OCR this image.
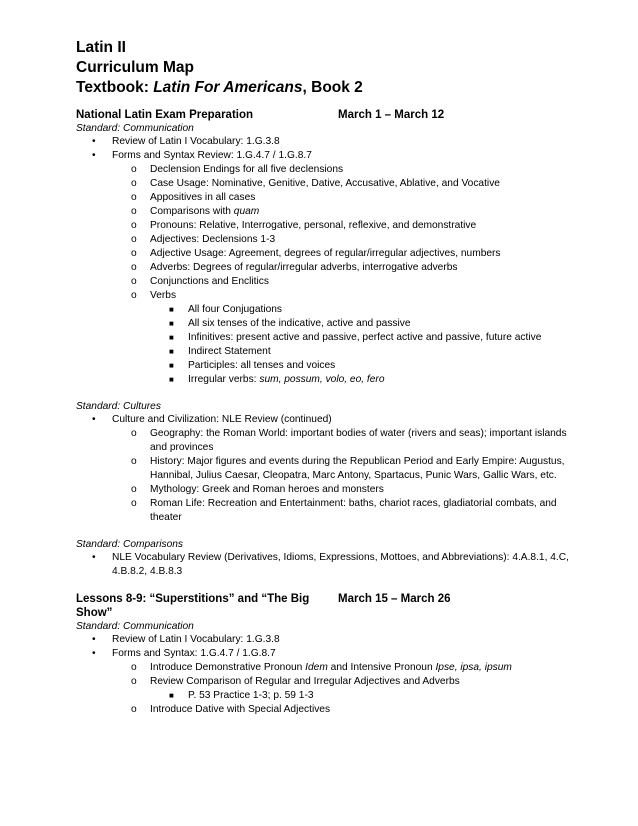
Latin II

Curriculum Map

Textbook: Latin For Americans, Book 2

National Latin Exam Preparation	March 1 – March 12
Standard: Communication
• Review of Latin I Vocabulary: 1.G.3.8
• Forms and Syntax Review: 1.G.4.7 / 1.G.8.7
o Declension Endings for all five declensions
o Case Usage: Nominative, Genitive, Dative, Accusative, Ablative, and Vocative
o Appositives in all cases
o Comparisons with quam
o Pronouns: Relative, Interrogative, personal, reflexive, and demonstrative
o Adjectives: Declensions 1-3
o Adjective Usage: Agreement, degrees of regular/irregular adjectives, numbers
o Adverbs: Degrees of regular/irregular adverbs, interrogative adverbs
o Conjunctions and Enclitics
o Verbs
■ All four Conjugations
■ All six tenses of the indicative, active and passive
■ Infinitives: present active and passive, perfect active and passive, future active
■ Indirect Statement
■ Participles: all tenses and voices
■ Irregular verbs: sum, possum, volo, eo, fero
Standard: Cultures
• Culture and Civilization: NLE Review (continued)
o Geography: the Roman World: important bodies of water (rivers and seas); important islands and provinces
o History: Major figures and events during the Republican Period and Early Empire: Augustus, Hannibal, Julius Caesar, Cleopatra, Marc Antony, Spartacus, Punic Wars, Gallic Wars, etc.
o Mythology: Greek and Roman heroes and monsters
o Roman Life: Recreation and Entertainment: baths, chariot races, gladiatorial combats, and theater
Standard: Comparisons
• NLE Vocabulary Review (Derivatives, Idioms, Expressions, Mottoes, and Abbreviations): 4.A.8.1, 4.C, 4.B.8.2, 4.B.8.3
Lessons 8-9: “Superstitions” and “The Big Show”
March 15 – March 26
Standard: Communication
• Review of Latin I Vocabulary: 1.G.3.8
• Forms and Syntax: 1.G.4.7 / 1.G.8.7
o Introduce Demonstrative Pronoun Idem and Intensive Pronoun Ipse, ipsa, ipsum
o Review Comparison of Regular and Irregular Adjectives and Adverbs
■ P. 53 Practice 1-3; p. 59 1-3
o Introduce Dative with Special Adjectives
